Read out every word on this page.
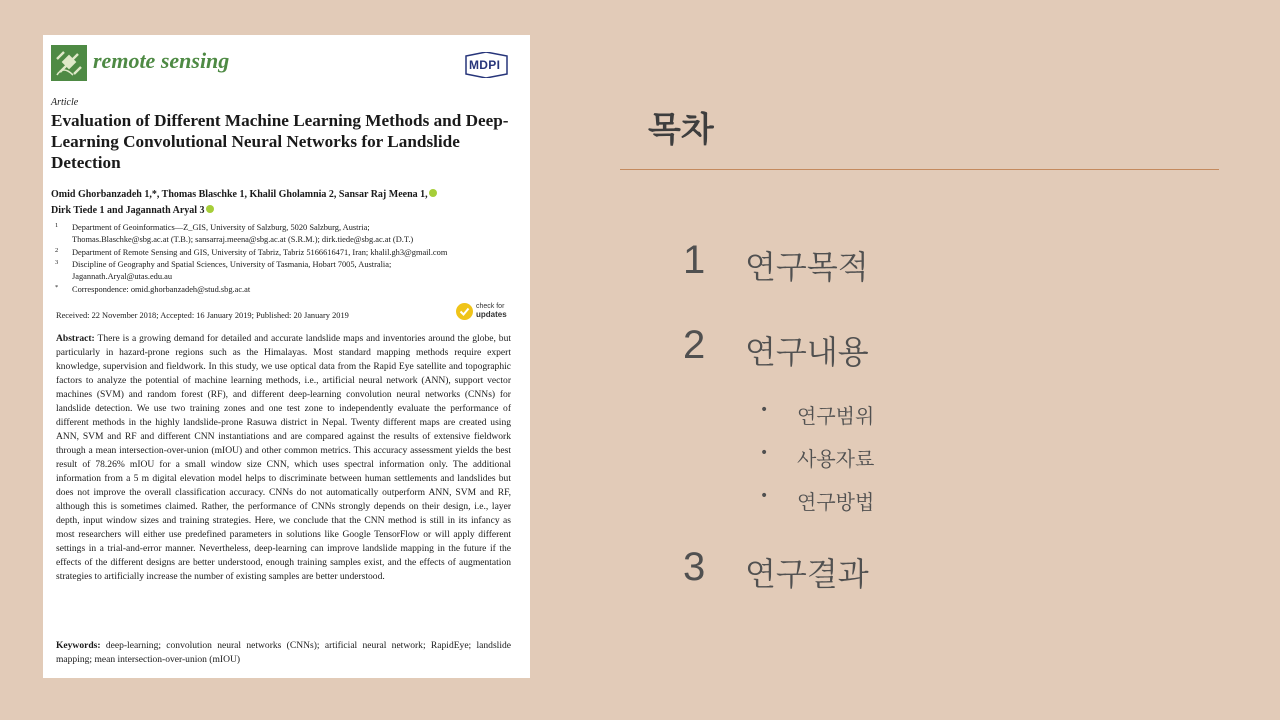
remote sensing	MDPI
Article
Evaluation of Different Machine Learning Methods and Deep-Learning Convolutional Neural Networks for Landslide Detection
Omid Ghorbanzadeh 1,*, Thomas Blaschke 1, Khalil Gholamnia 2, Sansar Raj Meena 1,
Dirk Tiede 1 and Jagannath Aryal 3
1 Department of Geoinformatics—Z_GIS, University of Salzburg, 5020 Salzburg, Austria;
Thomas.Blaschke@sbg.ac.at (T.B.); sansarraj.meena@sbg.ac.at (S.R.M.); dirk.tiede@sbg.ac.at (D.T.)
2 Department of Remote Sensing and GIS, University of Tabriz, Tabriz 5166616471, Iran; khalil.gh3@gmail.com
3 Discipline of Geography and Spatial Sciences, University of Tasmania, Hobart 7005, Australia;
Jagannath.Aryal@utas.edu.au
* Correspondence: omid.ghorbanzadeh@stud.sbg.ac.at
Received: 22 November 2018; Accepted: 16 January 2019; Published: 20 January 2019
check for
updates
Abstract: There is a growing demand for detailed and accurate landslide maps and inventories around the globe, but particularly in hazard-prone regions such as the Himalayas. Most standard mapping methods require expert knowledge, supervision and fieldwork. In this study, we use optical data from the Rapid Eye satellite and topographic factors to analyze the potential of machine learning methods, i.e., artificial neural network (ANN), support vector machines (SVM) and random forest (RF), and different deep-learning convolution neural networks (CNNs) for landslide detection. We use two training zones and one test zone to independently evaluate the performance of different methods in the highly landslide-prone Rasuwa district in Nepal. Twenty different maps are created using ANN, SVM and RF and different CNN instantiations and are compared against the results of extensive fieldwork through a mean intersection-over-union (mIOU) and other common metrics. This accuracy assessment yields the best result of 78.26% mIOU for a small window size CNN, which uses spectral information only. The additional information from a 5 m digital elevation model helps to discriminate between human settlements and landslides but does not improve the overall classification accuracy. CNNs do not automatically outperform ANN, SVM and RF, although this is sometimes claimed. Rather, the performance of CNNs strongly depends on their design, i.e., layer depth, input window sizes and training strategies. Here, we conclude that the CNN method is still in its infancy as most researchers will either use predefined parameters in solutions like Google TensorFlow or will apply different settings in a trial-and-error manner. Nevertheless, deep-learning can improve landslide mapping in the future if the effects of the different designs are better understood, enough training samples exist, and the effects of augmentation strategies to artificially increase the number of existing samples are better understood.
Keywords: deep-learning; convolution neural networks (CNNs); artificial neural network; RapidEye; landslide mapping; mean intersection-over-union (mIOU)
목차
1 연구목적
2 연구내용
• 연구범위
• 사용자료
• 연구방법
3 연구결과
